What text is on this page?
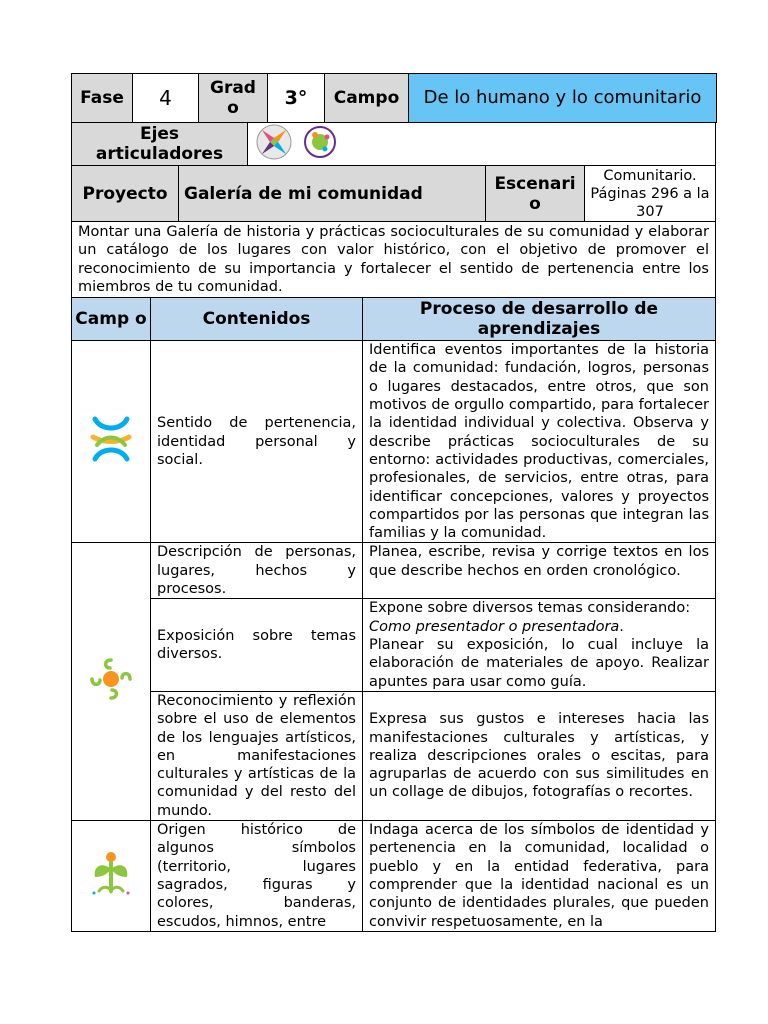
Fase	4	Grad o	3°	Campo	De lo humano y lo comunitario
Ejes articuladores	
Proyecto	Galería de mi comunidad	Escenari o	Comunitario. Páginas 296 a la 307
Montar una Galería de historia y prácticas socioculturales de su comunidad y elaborar un catálogo de los lugares con valor histórico, con el objetivo de promover el reconocimiento de su importancia y fortalecer el sentido de pertenencia entre los miembros de tu comunidad.
Camp o	Contenidos	Proceso de desarrollo de aprendizajes
	Sentido de pertenencia, identidad personal y social.	Identifica eventos importantes de la historia de la comunidad: fundación, logros, personas o lugares destacados, entre otros, que son motivos de orgullo compartido, para fortalecer la identidad individual y colectiva. Observa y describe prácticas socioculturales de su entorno: actividades productivas, comerciales, profesionales, de servicios, entre otras, para identificar concepciones, valores y proyectos compartidos por las personas que integran las familias y la comunidad.
	Descripción de personas, lugares, hechos y procesos.	Planea, escribe, revisa y corrige textos en los que describe hechos en orden cronológico.
	Exposición sobre temas diversos.	Expone sobre diversos temas considerando:
Como presentador o presentadora.
Planear su exposición, lo cual incluye la elaboración de materiales de apoyo. Realizar apuntes para usar como guía.
	Reconocimiento y reflexión sobre el uso de elementos de los lenguajes artísticos, en manifestaciones culturales y artísticas de la comunidad y del resto del mundo.	Expresa sus gustos e intereses hacia las manifestaciones culturales y artísticas, y realiza descripciones orales o escitas, para agruparlas de acuerdo con sus similitudes en un collage de dibujos, fotografías o recortes.
	Origen histórico de algunos símbolos (territorio, lugares sagrados, figuras y colores, banderas, escudos, himnos, entre	Indaga acerca de los símbolos de identidad y pertenencia en la comunidad, localidad o pueblo y en la entidad federativa, para comprender que la identidad nacional es un conjunto de identidades plurales, que pueden convivir respetuosamente, en la
